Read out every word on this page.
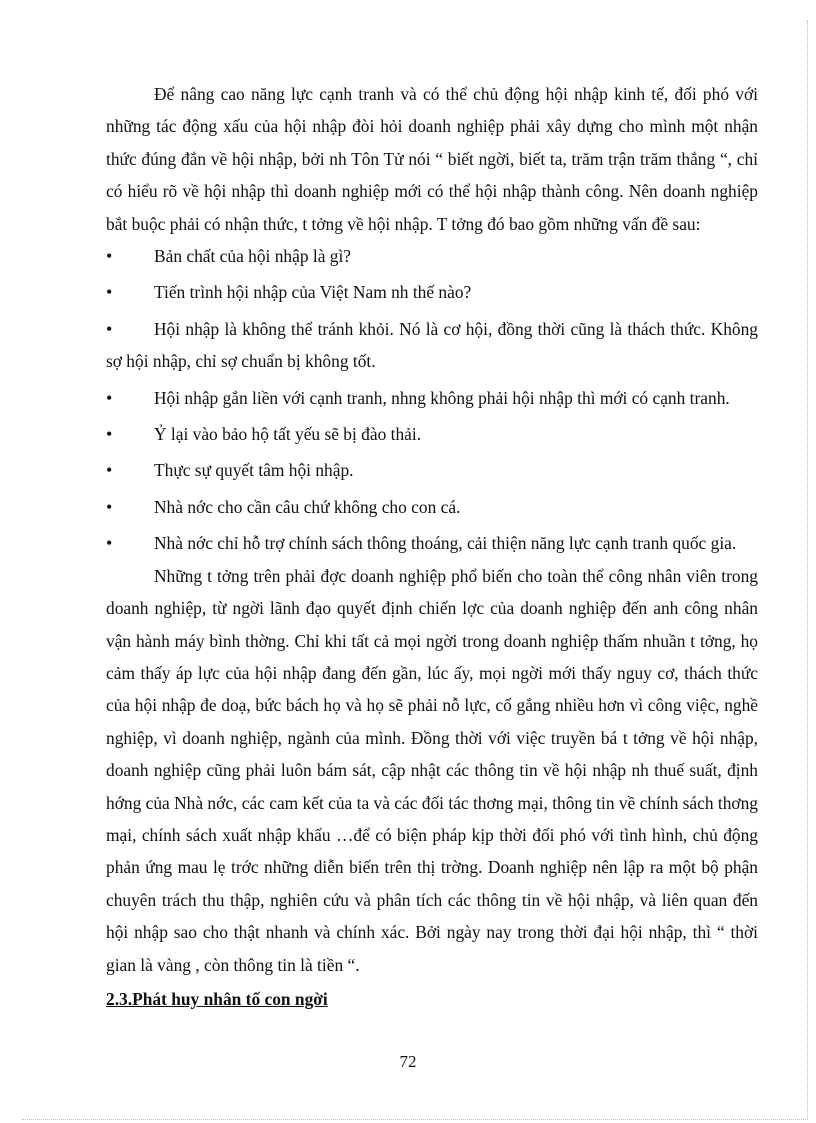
Để nâng cao năng lực cạnh tranh và có thể chủ động hội nhập kinh tế, đối phó với những tác động xấu của hội nhập đòi hỏi doanh nghiệp phải xây dựng cho mình một nhận thức đúng đắn về hội nhập, bởi nh Tôn Tử nói “ biết ngời, biết ta, trăm trận trăm thắng “, chỉ có hiểu rõ về hội nhập thì doanh nghiệp mới có thể hội nhập thành công. Nên doanh nghiệp bắt buộc phải có nhận thức, t tởng về hội nhập. T tởng đó bao gồm những vấn đề sau:

•	Bản chất của hội nhập là gì?
•	Tiến trình hội nhập của Việt Nam nh thế nào?
•	Hội nhập là không thể tránh khỏi. Nó là cơ hội, đồng thời cũng là thách thức. Không sợ hội nhập, chỉ sợ chuẩn bị không tốt.
•	Hội nhập gắn liền với cạnh tranh, nhng không phải hội nhập thì mới có cạnh tranh.
•	Ỷ lại vào bảo hộ tất yếu sẽ bị đào thải.
•	Thực sự quyết tâm hội nhập.
•	Nhà nớc cho cần câu chứ không cho con cá.
•	Nhà nớc chỉ hỗ trợ chính sách thông thoáng, cải thiện năng lực cạnh tranh quốc gia.

Những t tởng trên phải đợc doanh nghiệp phổ biến cho toàn thể công nhân viên trong doanh nghiệp, từ ngời lãnh đạo quyết định chiến lợc của doanh nghiệp đến anh công nhân vận hành máy bình thờng. Chỉ khi tất cả mọi ngời trong doanh nghiệp thấm nhuần t tởng, họ cảm thấy áp lực của hội nhập đang đến gần, lúc ấy, mọi ngời mới thấy nguy cơ, thách thức của hội nhập đe doạ, bức bách họ và họ sẽ phải nỗ lực, cố gắng nhiều hơn vì công việc, nghề nghiệp, vì doanh nghiệp, ngành của mình. Đồng thời với việc truyền bá t tởng về hội nhập, doanh nghiệp cũng phải luôn bám sát, cập nhật các thông tin về hội nhập nh thuế suất, định hớng của Nhà nớc, các cam kết của ta và các đối tác thơng mại, thông tin về chính sách thơng mại, chính sách xuất nhập khẩu …để có biện pháp kịp thời đối phó với tình hình, chủ động phản ứng mau lẹ trớc những diễn biến trên thị trờng. Doanh nghiệp nên lập ra một bộ phận chuyên trách thu thập, nghiên cứu và phân tích các thông tin về hội nhập, và liên quan đến hội nhập sao cho thật nhanh và chính xác. Bởi ngày nay trong thời đại hội nhập, thì “ thời gian là vàng , còn thông tin là tiền “.

2.3.Phát huy nhân tố con ngời

72
